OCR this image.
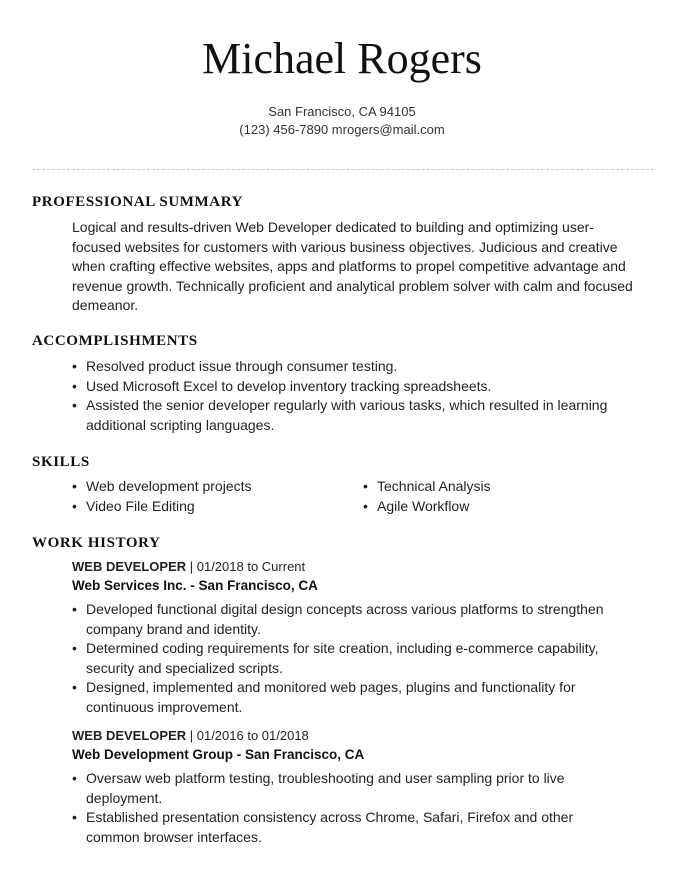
Michael Rogers
San Francisco, CA 94105
(123) 456-7890 mrogers@mail.com
PROFESSIONAL SUMMARY

Logical and results-driven Web Developer dedicated to building and optimizing user-focused websites for customers with various business objectives. Judicious and creative when crafting effective websites, apps and platforms to propel competitive advantage and revenue growth. Technically proficient and analytical problem solver with calm and focused demeanor.

ACCOMPLISHMENTS
• Resolved product issue through consumer testing.
• Used Microsoft Excel to develop inventory tracking spreadsheets.
• Assisted the senior developer regularly with various tasks, which resulted in learning additional scripting languages.
SKILLS
• Web development projects
• Video File Editing
• Technical Analysis
• Agile Workflow
WORK HISTORY
WEB DEVELOPER | 01/2018 to Current
Web Services Inc. - San Francisco, CA
• Developed functional digital design concepts across various platforms to strengthen company brand and identity.
• Determined coding requirements for site creation, including e-commerce capability, security and specialized scripts.
• Designed, implemented and monitored web pages, plugins and functionality for continuous improvement.
WEB DEVELOPER | 01/2016 to 01/2018
Web Development Group - San Francisco, CA
• Oversaw web platform testing, troubleshooting and user sampling prior to live deployment.
• Established presentation consistency across Chrome, Safari, Firefox and other common browser interfaces.
